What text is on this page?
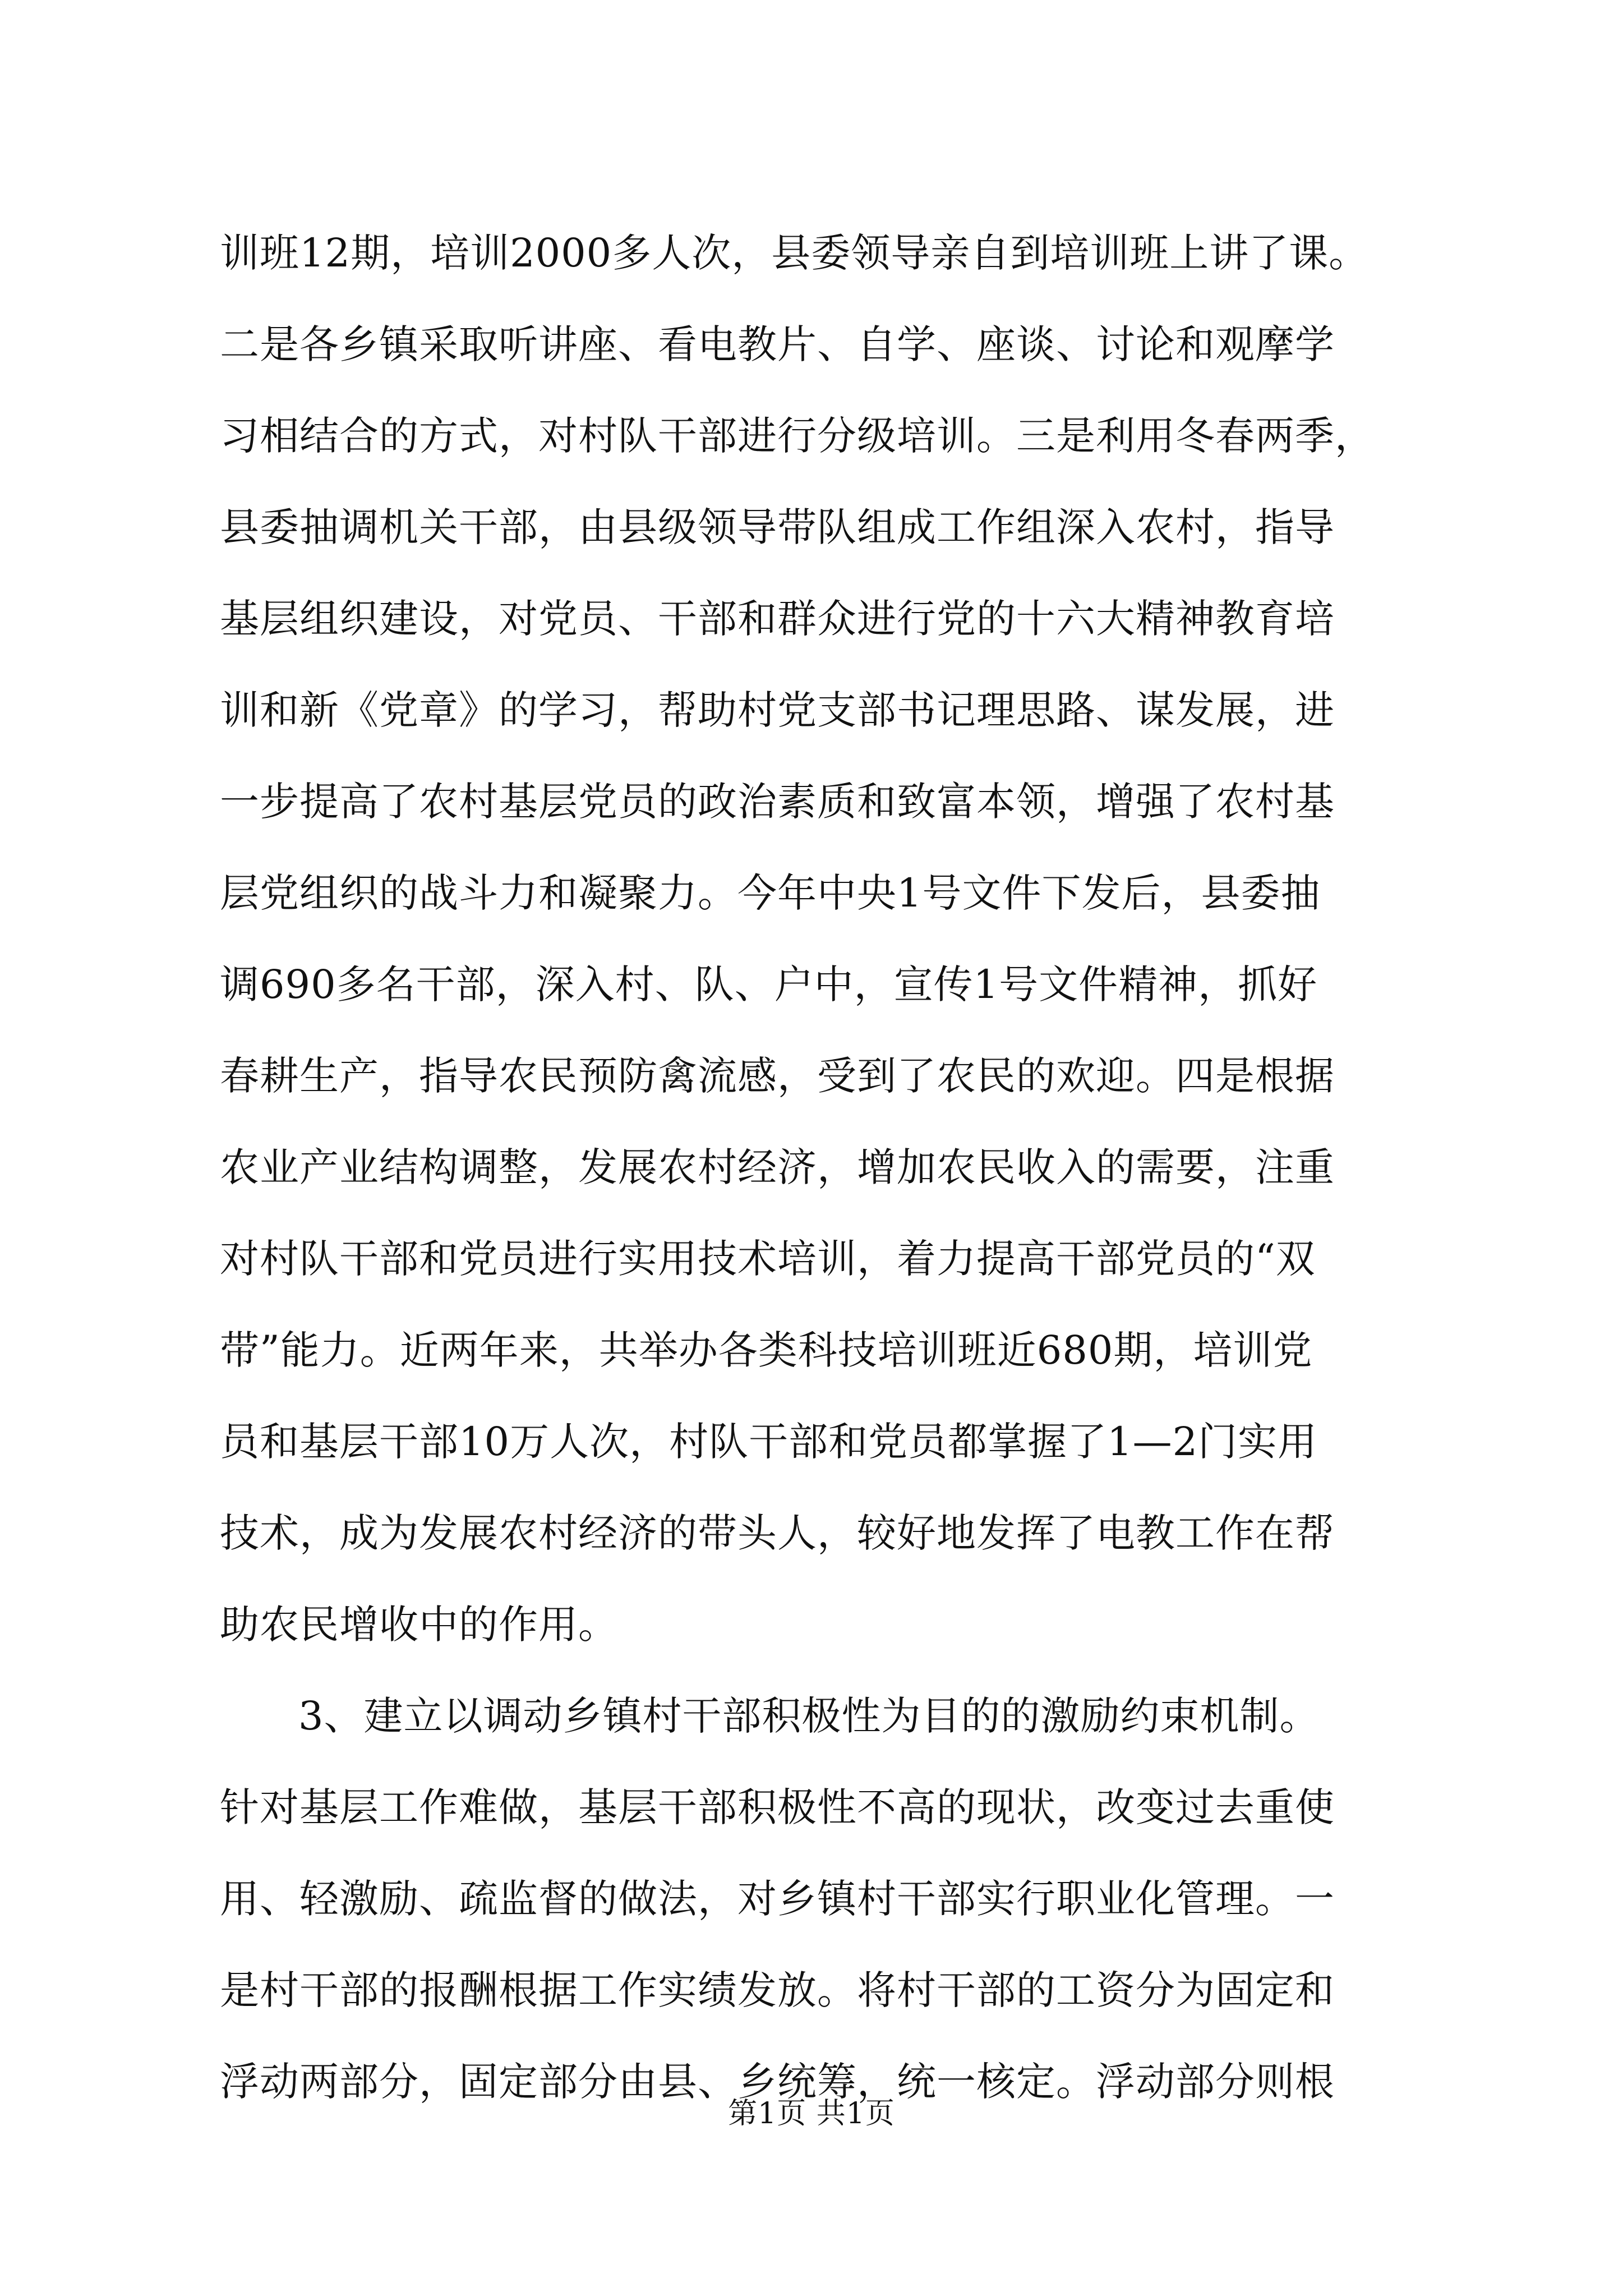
训班12期，培训2000多人次，县委领导亲自到培训班上讲了课。
二是各乡镇采取听讲座、看电教片、自学、座谈、讨论和观摩学
习相结合的方式，对村队干部进行分级培训。三是利用冬春两季，
县委抽调机关干部，由县级领导带队组成工作组深入农村，指导
基层组织建设，对党员、干部和群众进行党的十六大精神教育培
训和新《党章》的学习，帮助村党支部书记理思路、谋发展，进
一步提高了农村基层党员的政治素质和致富本领，增强了农村基
层党组织的战斗力和凝聚力。今年中央1号文件下发后，县委抽
调690多名干部，深入村、队、户中，宣传1号文件精神，抓好
春耕生产，指导农民预防禽流感，受到了农民的欢迎。四是根据
农业产业结构调整，发展农村经济，增加农民收入的需要，注重
对村队干部和党员进行实用技术培训，着力提高干部党员的“双
带”能力。近两年来，共举办各类科技培训班近680期，培训党
员和基层干部10万人次，村队干部和党员都掌握了1—2门实用
技术，成为发展农村经济的带头人，较好地发挥了电教工作在帮
助农民增收中的作用。
3、建立以调动乡镇村干部积极性为目的的激励约束机制。
针对基层工作难做，基层干部积极性不高的现状，改变过去重使
用、轻激励、疏监督的做法，对乡镇村干部实行职业化管理。一
是村干部的报酬根据工作实绩发放。将村干部的工资分为固定和
浮动两部分，固定部分由县、乡统筹，统一核定。浮动部分则根
第1页 共1页
